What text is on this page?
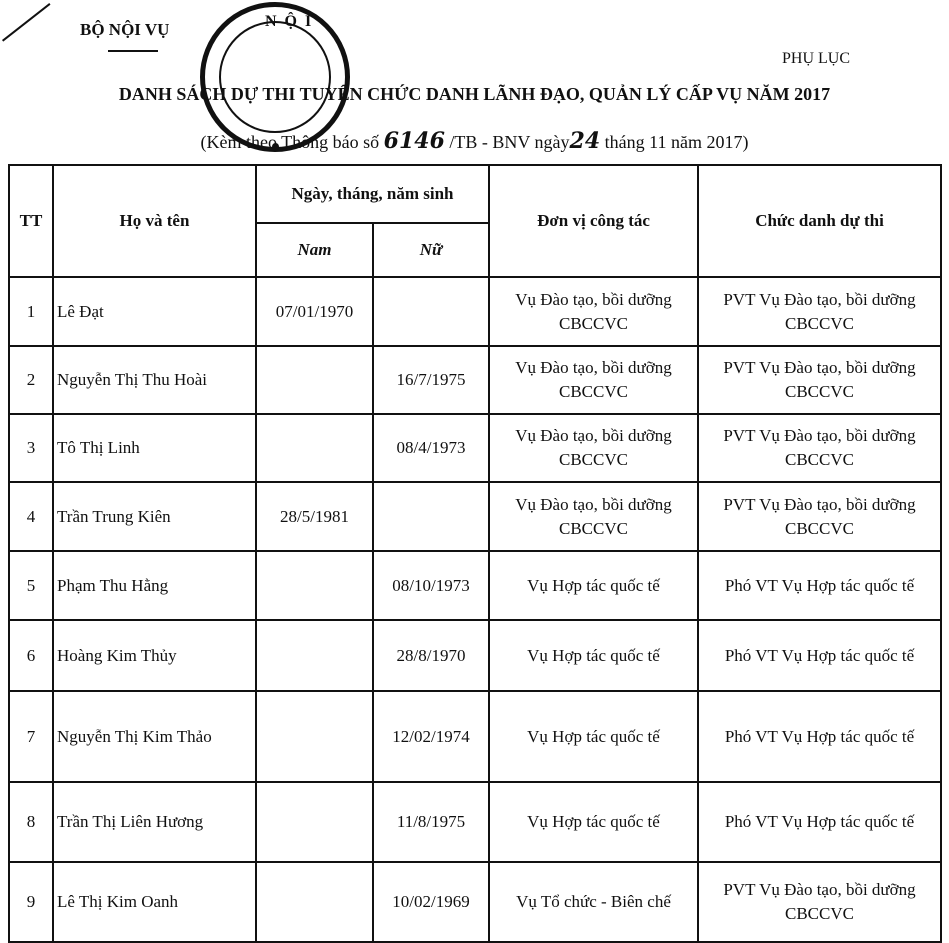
BỘ NỘI VỤ	NỘI
PHỤ LỤC
DANH SÁCH DỰ THI TUYỂN CHỨC DANH LÃNH ĐẠO, QUẢN LÝ CẤP VỤ NĂM 2017
(Kèm theo Thông báo số 6146 /TB - BNV ngày24 tháng 11 năm 2017)
TT	Họ và tên	Ngày, tháng, năm sinh		Đơn vị công tác	Chức danh dự thi
		Nam	Nữ		
1	Lê Đạt	07/01/1970		Vụ Đào tạo, bồi dưỡng CBCCVC	PVT Vụ Đào tạo, bồi dưỡng CBCCVC
2	Nguyễn Thị Thu Hoài		16/7/1975	Vụ Đào tạo, bồi dưỡng CBCCVC	PVT Vụ Đào tạo, bồi dưỡng CBCCVC
3	Tô Thị Linh		08/4/1973	Vụ Đào tạo, bồi dưỡng CBCCVC	PVT Vụ Đào tạo, bồi dưỡng CBCCVC
4	Trần Trung Kiên	28/5/1981		Vụ Đào tạo, bồi dưỡng CBCCVC	PVT Vụ Đào tạo, bồi dưỡng CBCCVC
5	Phạm Thu Hằng		08/10/1973	Vụ Hợp tác quốc tế	Phó VT Vụ Hợp tác quốc tế
6	Hoàng Kim Thủy		28/8/1970	Vụ Hợp tác quốc tế	Phó VT Vụ Hợp tác quốc tế
7	Nguyễn Thị Kim Thảo		12/02/1974	Vụ Hợp tác quốc tế	Phó VT Vụ Hợp tác quốc tế
8	Trần Thị Liên Hương		11/8/1975	Vụ Hợp tác quốc tế	Phó VT Vụ Hợp tác quốc tế
9	Lê Thị Kim Oanh		10/02/1969	Vụ Tổ chức - Biên chế	PVT Vụ Đào tạo, bồi dưỡng CBCCVC
